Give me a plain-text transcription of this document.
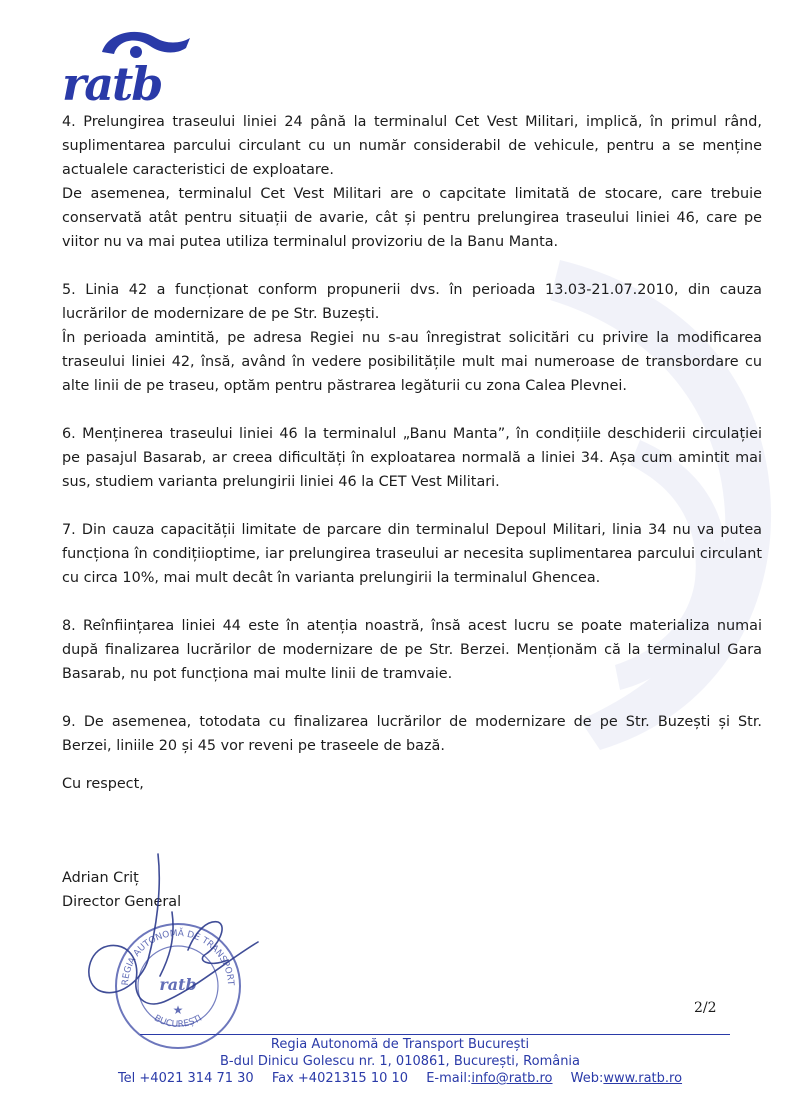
ratb

4. Prelungirea traseului liniei 24 până la terminalul Cet Vest Militari, implică, în primul rând, suplimentarea parcului circulant cu un număr considerabil de vehicule, pentru a se menține actualele caracteristici de exploatare.

De asemenea, terminalul Cet Vest Militari are o capcitate limitată de stocare, care trebuie conservată atât pentru situații de avarie, cât și pentru prelungirea traseului liniei 46, care pe viitor nu va mai putea utiliza terminalul provizoriu de la Banu Manta.

5. Linia 42 a funcționat conform propunerii dvs. în perioada 13.03-21.07.2010, din cauza lucrărilor de modernizare de pe Str. Buzești.

În perioada amintită, pe adresa Regiei nu s-au înregistrat solicitări cu privire la modificarea traseului liniei 42, însă, având în vedere posibilitățile mult mai numeroase de transbordare cu alte linii de pe traseu, optăm pentru păstrarea legăturii cu zona Calea Plevnei.

6. Menținerea traseului liniei 46 la terminalul „Banu Manta”, în condițiile deschiderii circulației pe pasajul Basarab, ar creea dificultăți în exploatarea normală a liniei 34. Așa cum amintit mai sus, studiem varianta prelungirii liniei 46 la CET Vest Militari.

7. Din cauza capacității limitate de parcare din terminalul Depoul Militari, linia 34 nu va putea funcționa în condițiioptime, iar prelungirea traseului ar necesita suplimentarea parcului circulant cu circa 10%, mai mult decât în varianta prelungirii la terminalul Ghencea.

8. Reînființarea liniei 44 este în atenția noastră, însă acest lucru se poate materializa numai după finalizarea lucrărilor de modernizare de pe Str. Berzei. Menționăm că la terminalul Gara Basarab, nu pot funcționa mai multe linii de tramvaie.

9. De asemenea, totodata cu finalizarea lucrărilor de modernizare de pe Str. Buzești și Str. Berzei, liniile 20 și 45 vor reveni pe traseele de bază.

Cu respect,
Adrian Criț
Director General
REGIA AUTONOMĂ DE TRANSPORT
BUCUREȘTI
ratb
★	2/2
Regia Autonomă de Transport București
B-dul Dinicu Golescu nr. 1, 010861, București, România
Tel +4021 314 71 30 Fax +4021315 10 10 E-mail:info@ratb.ro Web:www.ratb.ro
